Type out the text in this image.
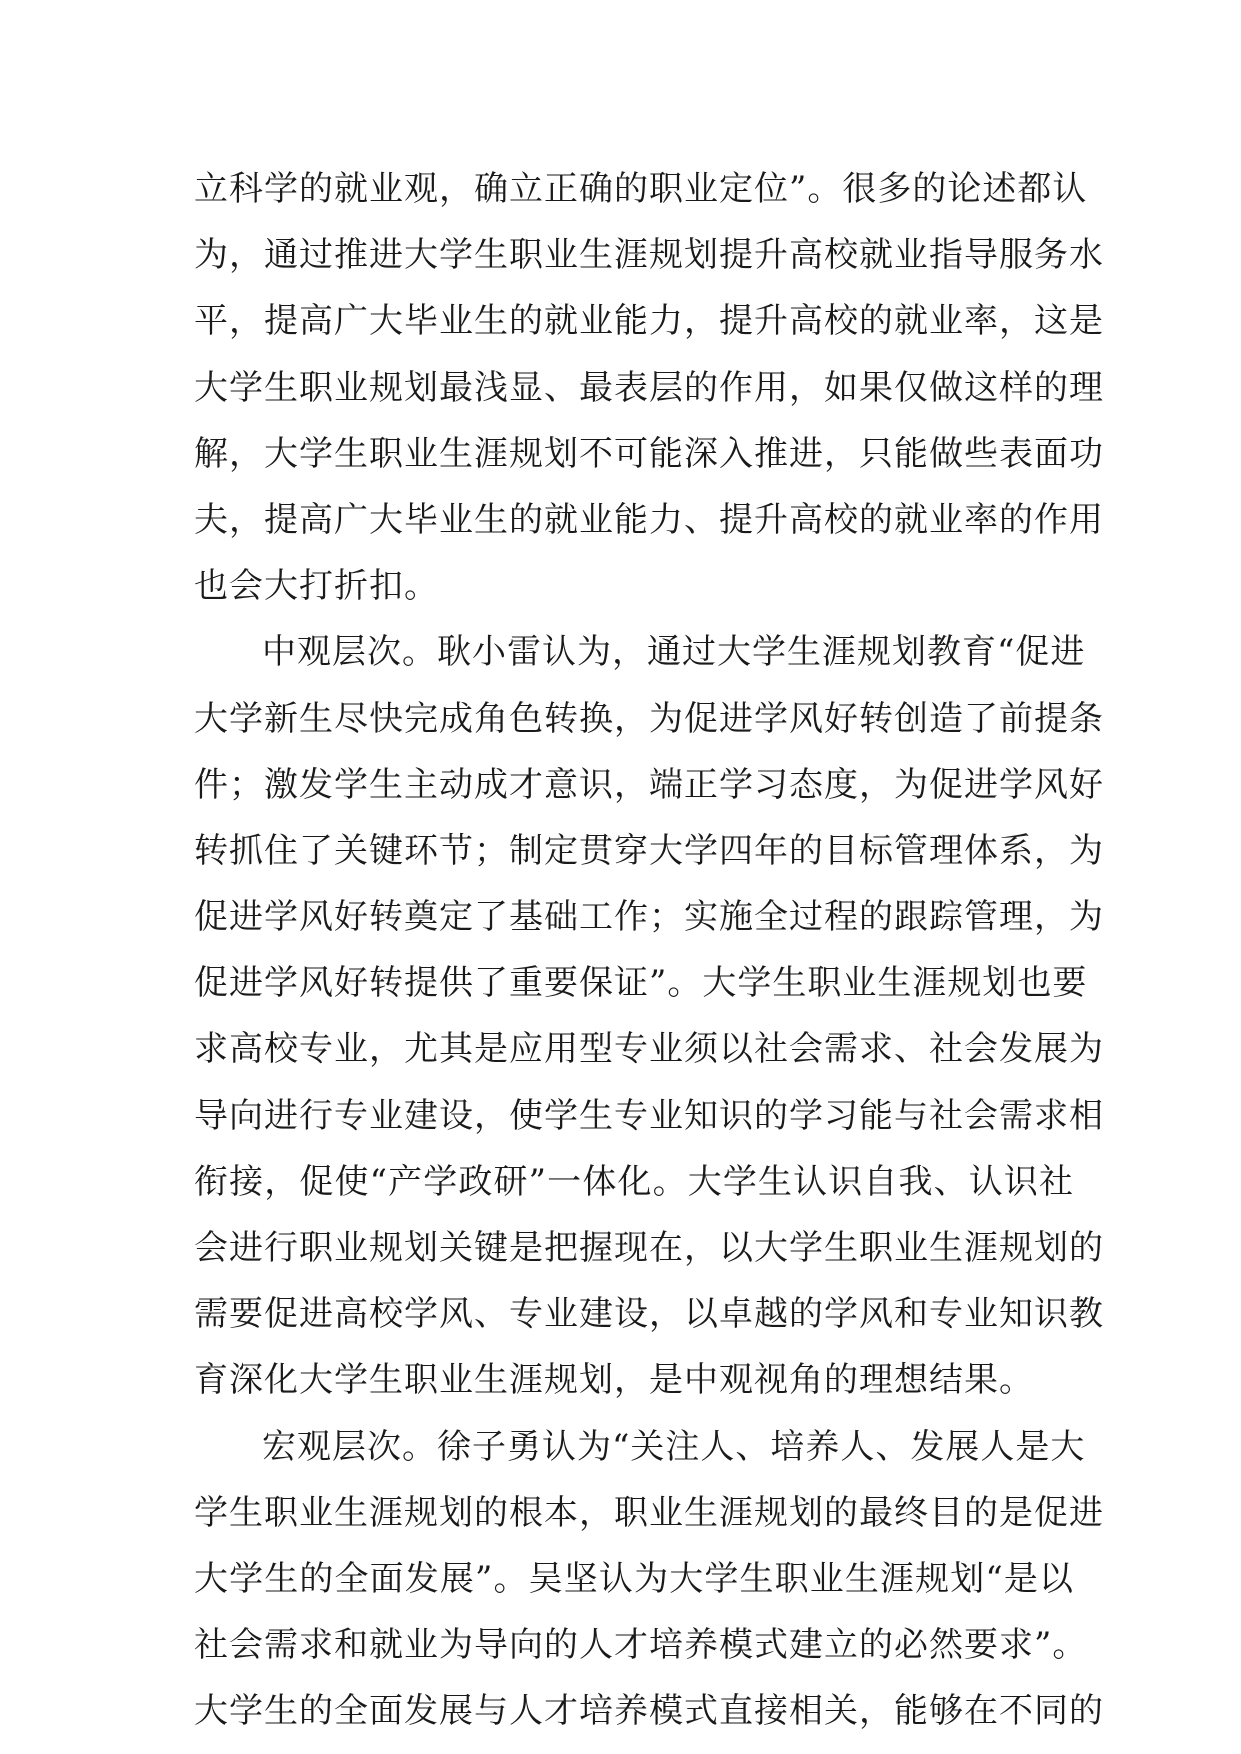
立科学的就业观，确立正确的职业定位”。很多的论述都认
为，通过推进大学生职业生涯规划提升高校就业指导服务水
平，提高广大毕业生的就业能力，提升高校的就业率，这是
大学生职业规划最浅显、最表层的作用，如果仅做这样的理
解，大学生职业生涯规划不可能深入推进，只能做些表面功
夫，提高广大毕业生的就业能力、提升高校的就业率的作用
也会大打折扣。
中观层次。耿小雷认为，通过大学生涯规划教育“促进
大学新生尽快完成角色转换，为促进学风好转创造了前提条
件；激发学生主动成才意识，端正学习态度，为促进学风好
转抓住了关键环节；制定贯穿大学四年的目标管理体系，为
促进学风好转奠定了基础工作；实施全过程的跟踪管理，为
促进学风好转提供了重要保证”。大学生职业生涯规划也要
求高校专业，尤其是应用型专业须以社会需求、社会发展为
导向进行专业建设，使学生专业知识的学习能与社会需求相
衔接，促使“产学政研”一体化。大学生认识自我、认识社
会进行职业规划关键是把握现在，以大学生职业生涯规划的
需要促进高校学风、专业建设，以卓越的学风和专业知识教
育深化大学生职业生涯规划，是中观视角的理想结果。
宏观层次。徐子勇认为“关注人、培养人、发展人是大
学生职业生涯规划的根本，职业生涯规划的最终目的是促进
大学生的全面发展”。吴坚认为大学生职业生涯规划“是以
社会需求和就业为导向的人才培养模式建立的必然要求”。
大学生的全面发展与人才培养模式直接相关，能够在不同的
